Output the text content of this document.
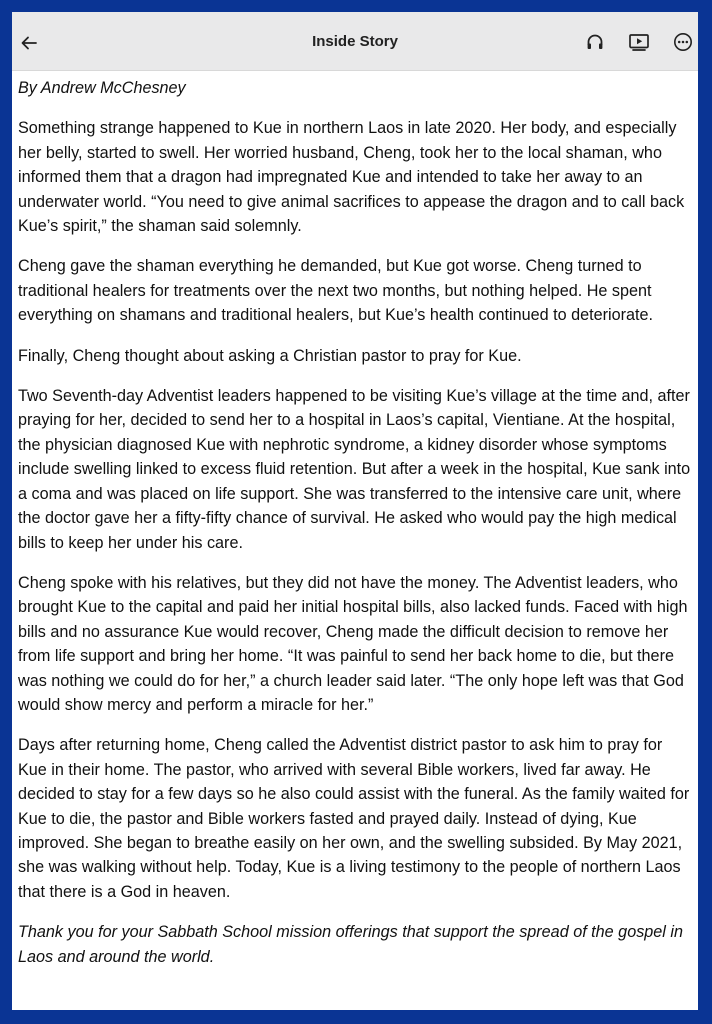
Inside Story

By Andrew McChesney

Something strange happened to Kue in northern Laos in late 2020. Her body, and especially her belly, started to swell. Her worried husband, Cheng, took her to the local shaman, who informed them that a dragon had impregnated Kue and intended to take her away to an underwater world. “You need to give animal sacrifices to appease the dragon and to call back Kue’s spirit,” the shaman said solemnly.

Cheng gave the shaman everything he demanded, but Kue got worse. Cheng turned to traditional healers for treatments over the next two months, but nothing helped. He spent everything on shamans and traditional healers, but Kue’s health continued to deteriorate.

Finally, Cheng thought about asking a Christian pastor to pray for Kue.

Two Seventh-day Adventist leaders happened to be visiting Kue’s village at the time and, after praying for her, decided to send her to a hospital in Laos’s capital, Vientiane. At the hospital, the physician diagnosed Kue with nephrotic syndrome, a kidney disorder whose symptoms include swelling linked to excess fluid retention. But after a week in the hospital, Kue sank into a coma and was placed on life support. She was transferred to the intensive care unit, where the doctor gave her a fifty-fifty chance of survival. He asked who would pay the high medical bills to keep her under his care.

Cheng spoke with his relatives, but they did not have the money. The Adventist leaders, who brought Kue to the capital and paid her initial hospital bills, also lacked funds. Faced with high bills and no assurance Kue would recover, Cheng made the difficult decision to remove her from life support and bring her home. “It was painful to send her back home to die, but there was nothing we could do for her,” a church leader said later. “The only hope left was that God would show mercy and perform a miracle for her.”

Days after returning home, Cheng called the Adventist district pastor to ask him to pray for Kue in their home. The pastor, who arrived with several Bible workers, lived far away. He decided to stay for a few days so he also could assist with the funeral. As the family waited for Kue to die, the pastor and Bible workers fasted and prayed daily. Instead of dying, Kue improved. She began to breathe easily on her own, and the swelling subsided. By May 2021, she was walking without help. Today, Kue is a living testimony to the people of northern Laos that there is a God in heaven.

Thank you for your Sabbath School mission offerings that support the spread of the gospel in Laos and around the world.
